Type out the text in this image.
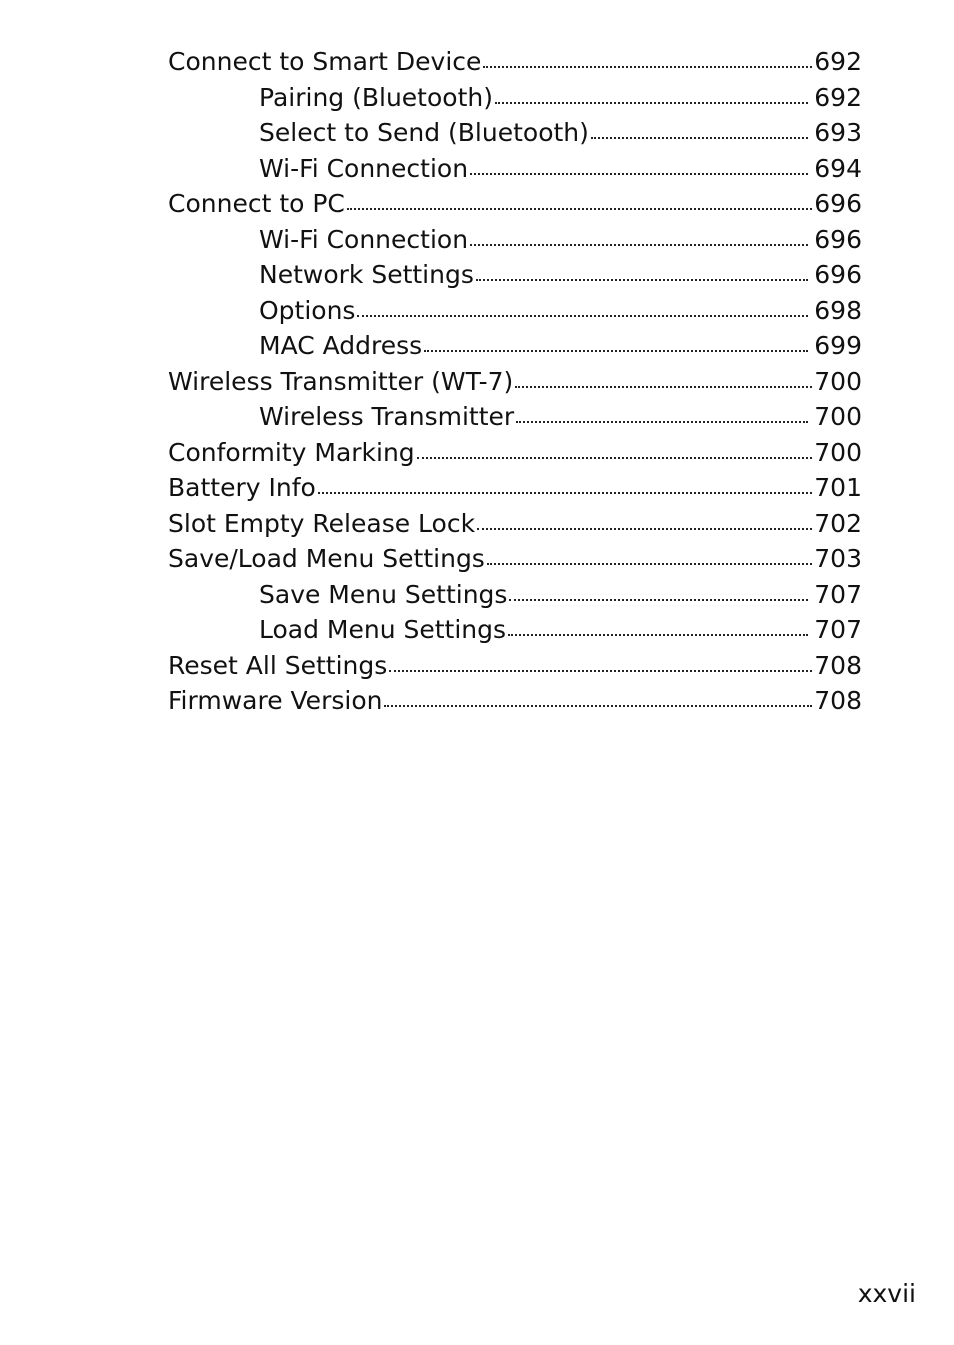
Connect to Smart Device	692
Pairing (Bluetooth)	692
Select to Send (Bluetooth)	693
Wi-Fi Connection	694
Connect to PC	696
Wi-Fi Connection	696
Network Settings	696
Options	698
MAC Address	699
Wireless Transmitter (WT-7)	700
Wireless Transmitter	700
Conformity Marking	700
Battery Info	701
Slot Empty Release Lock	702
Save/Load Menu Settings	703
Save Menu Settings	707
Load Menu Settings	707
Reset All Settings	708
Firmware Version	708
xxvii
